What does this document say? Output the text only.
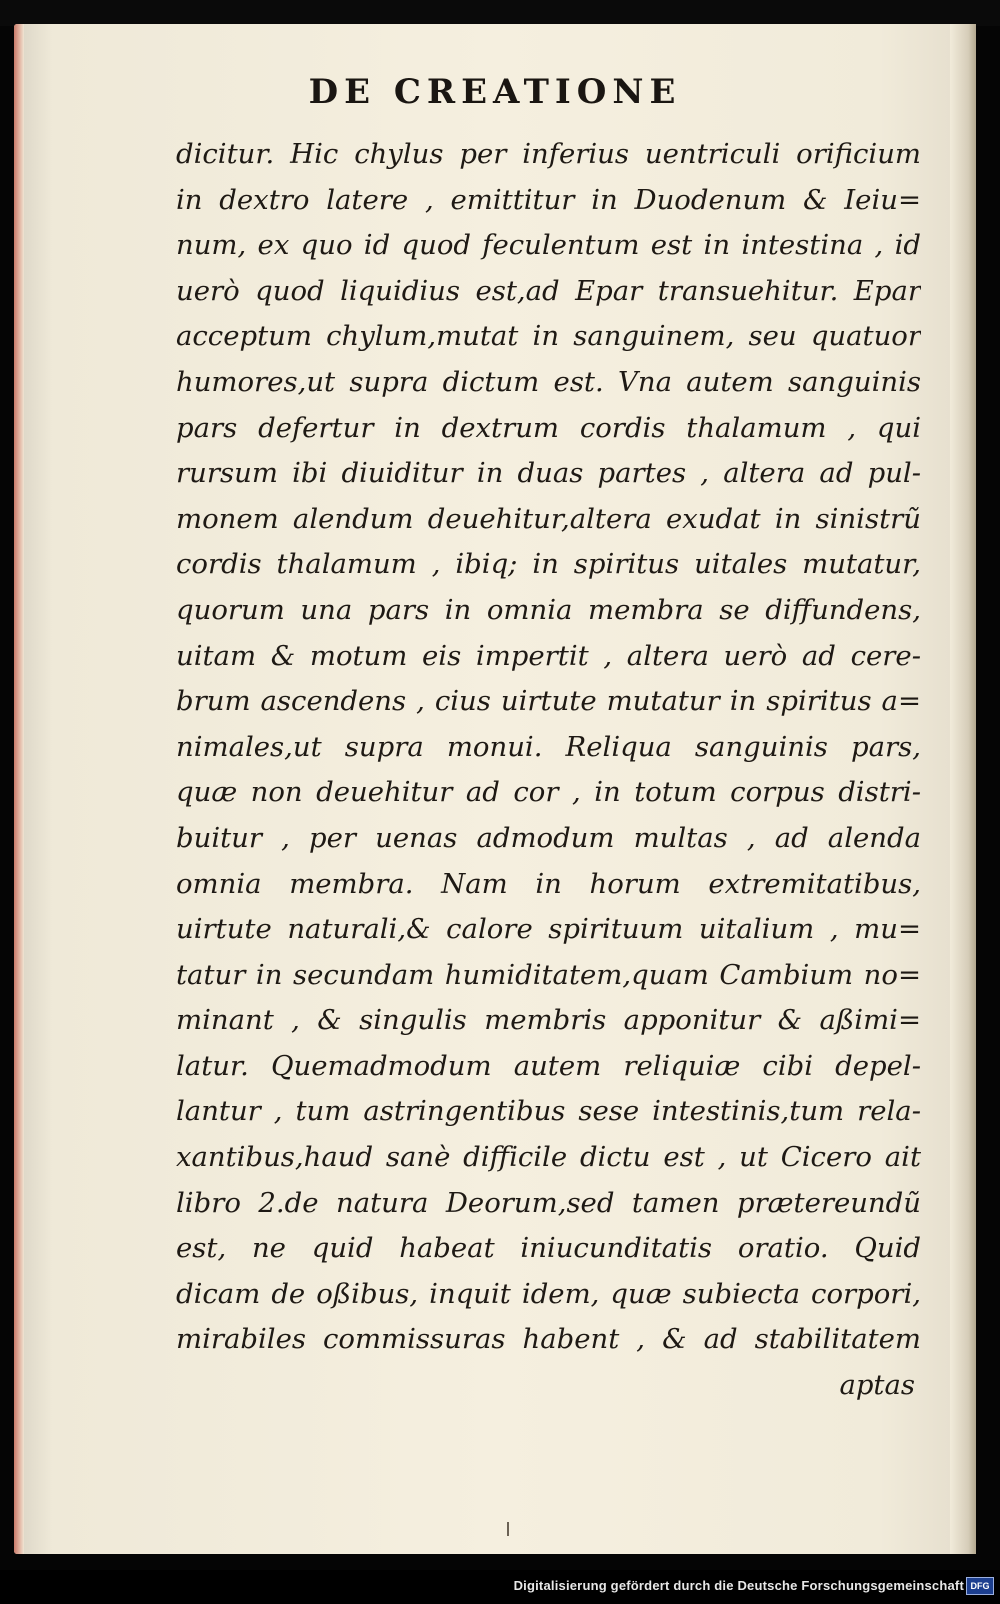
DE CREATIONE
dicitur. Hic chylus per inferius uentriculi orificium
in dextro latere , emittitur in Duodenum & Ieiu=
num, ex quo id quod feculentum est in intestina , id
uerò quod liquidius est,ad Epar transuehitur. Epar
acceptum chylum,mutat in sanguinem, seu quatuor
humores,ut supra dictum est. Vna autem sanguinis
pars defertur in dextrum cordis thalamum , qui
rursum ibi diuiditur in duas partes , altera ad pul-
monem alendum deuehitur,altera exudat in sinistrũ
cordis thalamum , ibiq; in spiritus uitales mutatur,
quorum una pars in omnia membra se diffundens,
uitam & motum eis impertit , altera uerò ad cere-
brum ascendens , cius uirtute mutatur in spiritus a=
nimales,ut supra monui. Reliqua sanguinis pars,
quæ non deuehitur ad cor , in totum corpus distri-
buitur , per uenas admodum multas , ad alenda
omnia membra. Nam in horum extremitatibus,
uirtute naturali,& calore spirituum uitalium , mu=
tatur in secundam humiditatem,quam Cambium no=
minant , & singulis membris apponitur & aßimi=
latur. Quemadmodum autem reliquiæ cibi depel-
lantur , tum astringentibus sese intestinis,tum rela-
xantibus,haud sanè difficile dictu est , ut Cicero ait
libro 2.de natura Deorum,sed tamen prætereundũ
est, ne quid habeat iniucunditatis oratio. Quid
dicam de oßibus, inquit idem, quæ subiecta corpori,
mirabiles commissuras habent , & ad stabilitatem
aptas
Digitalisierung gefördert durch die Deutsche Forschungsgemeinschaft DFG
